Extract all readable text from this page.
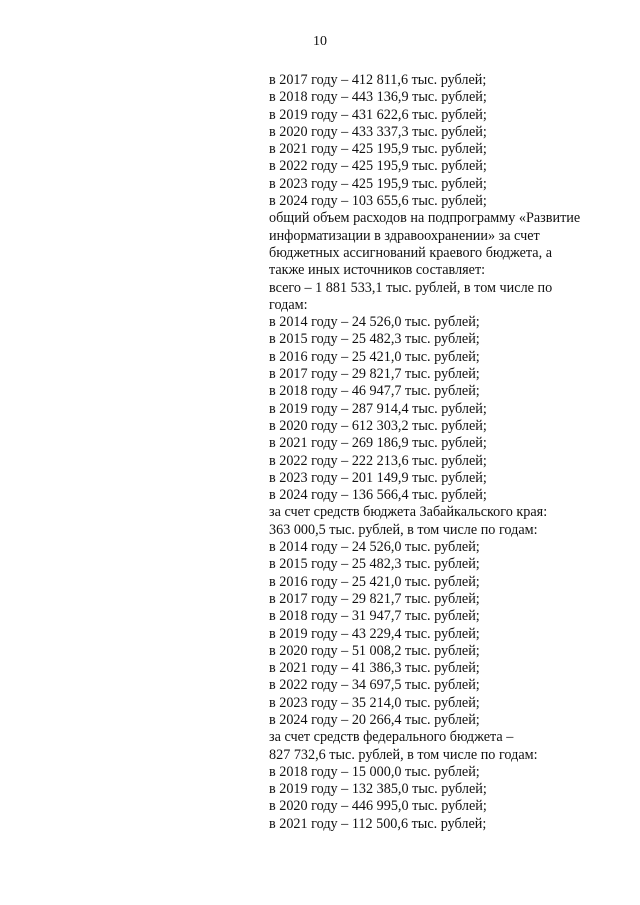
10
в 2017 году – 412 811,6 тыс. рублей;
в 2018 году – 443 136,9 тыс. рублей;
в 2019 году – 431 622,6 тыс. рублей;
в 2020 году – 433 337,3 тыс. рублей;
в 2021 году – 425 195,9 тыс. рублей;
в 2022 году – 425 195,9 тыс. рублей;
в 2023 году – 425 195,9 тыс. рублей;
в 2024 году – 103 655,6 тыс. рублей;
общий объем расходов на подпрограмму «Развитие
информатизации в здравоохранении» за счет
бюджетных ассигнований краевого бюджета, а
также иных источников составляет:
всего – 1 881 533,1 тыс. рублей, в том числе по
годам:
в 2014 году – 24 526,0 тыс. рублей;
в 2015 году – 25 482,3 тыс. рублей;
в 2016 году – 25 421,0 тыс. рублей;
в 2017 году – 29 821,7 тыс. рублей;
в 2018 году – 46 947,7 тыс. рублей;
в 2019 году – 287 914,4 тыс. рублей;
в 2020 году – 612 303,2 тыс. рублей;
в 2021 году – 269 186,9 тыс. рублей;
в 2022 году – 222 213,6 тыс. рублей;
в 2023 году – 201 149,9 тыс. рублей;
в 2024 году – 136 566,4 тыс. рублей;
за счет средств бюджета Забайкальского края:
363 000,5 тыс. рублей, в том числе по годам:
в 2014 году – 24 526,0 тыс. рублей;
в 2015 году – 25 482,3 тыс. рублей;
в 2016 году – 25 421,0 тыс. рублей;
в 2017 году – 29 821,7 тыс. рублей;
в 2018 году – 31 947,7 тыс. рублей;
в 2019 году – 43 229,4 тыс. рублей;
в 2020 году – 51 008,2 тыс. рублей;
в 2021 году – 41 386,3 тыс. рублей;
в 2022 году – 34 697,5 тыс. рублей;
в 2023 году – 35 214,0 тыс. рублей;
в 2024 году – 20 266,4 тыс. рублей;
за счет средств федерального бюджета –
827 732,6 тыс. рублей, в том числе по годам:
в 2018 году – 15 000,0 тыс. рублей;
в 2019 году – 132 385,0 тыс. рублей;
в 2020 году – 446 995,0 тыс. рублей;
в 2021 году – 112 500,6 тыс. рублей;
